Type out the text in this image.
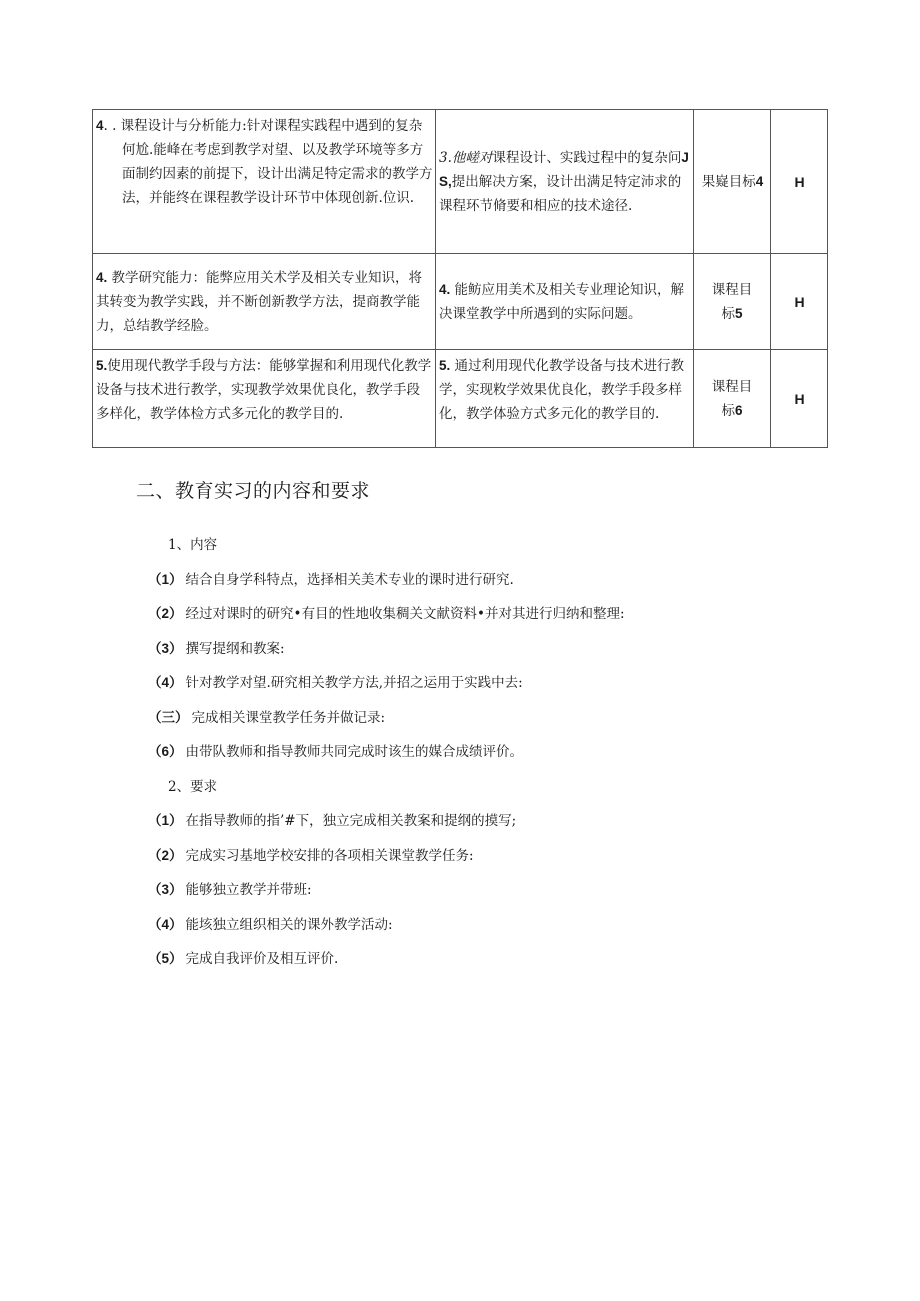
4. . 课程设计与分析能力:针对课程实践程中遇到的复杂何尬.能峰在考虑到教学对望、以及教学环境等多方面制约因素的前提下，设计出满足特定需求的教学方法，并能终在课程教学设计环节中体现创新.位识.	3.他嵯对课程设计、实践过程中的复杂问JS,提出解决方案，设计出满足特定沛求的课程环节脩要和相应的技术途径.	果嶷目标4	H
4. 教学研究能力：能弊应用关术学及相关专业知识，将其转变为教学实践，并不断创新教学方法，提商教学能力，总结教学经脸。	4. 能鲂应用美术及相关专业理论知识，解决课堂教学中所遇到的实际问题。	课程目标5	H
5.使用现代教学手段与方法：能够掌握和利用现代化教学设备与技术进行教学，实现教学效果优良化，教学手段多样化，教学体检方式多元化的教学目的.	5. 通过利用现代化教学设备与技术进行教学，实现敉学效果优良化，教学手段多样化，教学体验方式多元化的教学目的.	课程目标6	H
二、教育实习的内容和要求
1、内容
（1） 结合自身学科特点，选择相关美术专业的课时进行研究.
（2） 经过对课时的研究•有目的性地收集稠关文献资料•并对其进行归纳和整理:
（3） 撰写提纲和教案:
（4） 针对教学对望.研究相关教学方法,并招之运用于实践中去:
（三） 完成相关课堂教学任务并做记录:
（6） 由带队教师和指导教师共同完成时该生的媒合成绩评价。
2、要求
（1） 在指导教师的指’#下，独立完成相关教案和提纲的摸写;
（2） 完成实习基地学校安排的各项相关课堂教学任务:
（3） 能够独立教学并带班:
（4） 能垓独立组织相关的课外教学活动:
（5） 完成自我评价及相互评价.
